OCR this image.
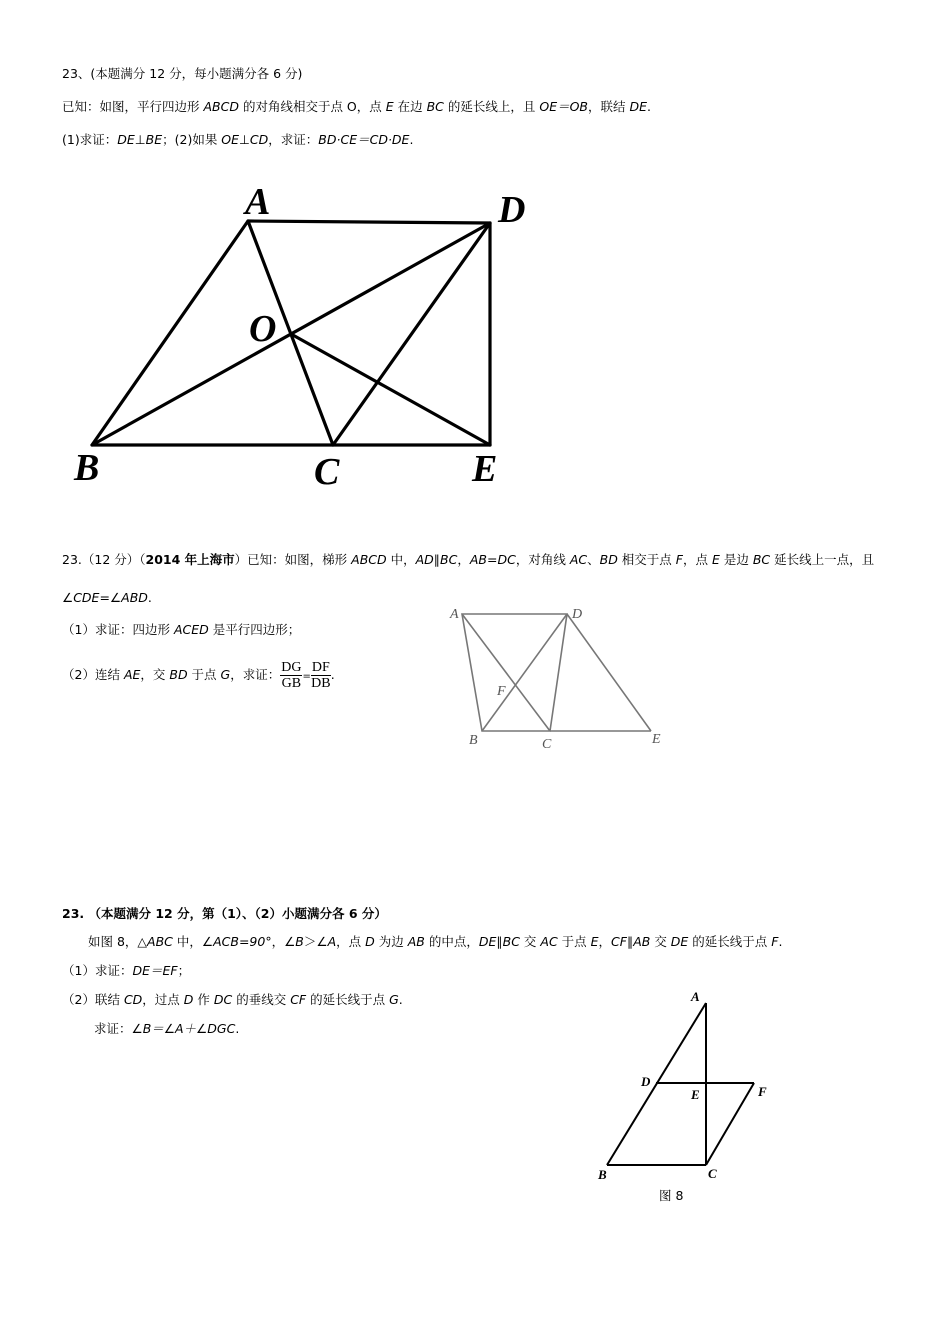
23、(本题满分 12 分，每小题满分各 6 分)
已知：如图，平行四边形 ABCD 的对角线相交于点 O，点 E 在边 BC 的延长线上，且 OE＝OB，联结 DE.
(1)求证：DE⊥BE；(2)如果 OE⊥CD，求证：BD·CE＝CD·DE.
A	D
O
B	C	E
A	D
F
B	C	E
A
D
E	F
B	C
23.（12 分）（2014 年上海市）已知：如图，梯形 ABCD 中，AD∥BC，AB=DC，对角线 AC、BD 相交于点 F，点 E 是边 BC 延长线上一点，且
∠CDE=∠ABD.
（1）求证：四边形 ACED 是平行四边形；
（2）连结 AE，交 BD 于点 G，求证： $\frac{DG}{GB} = \frac{DF}{DB}$ .
23. （本题满分 12 分，第（1）、（2）小题满分各 6 分）
如图 8，△ABC 中，∠ACB=90°，∠B＞∠A，点 D 为边 AB 的中点，DE∥BC 交 AC 于点 E，CF∥AB 交 DE 的延长线于点 F.
（1）求证：DE＝EF；
（2）联结 CD，过点 D 作 DC 的垂线交 CF 的延长线于点 G.
求证：∠B＝∠A＋∠DGC.
图 8
